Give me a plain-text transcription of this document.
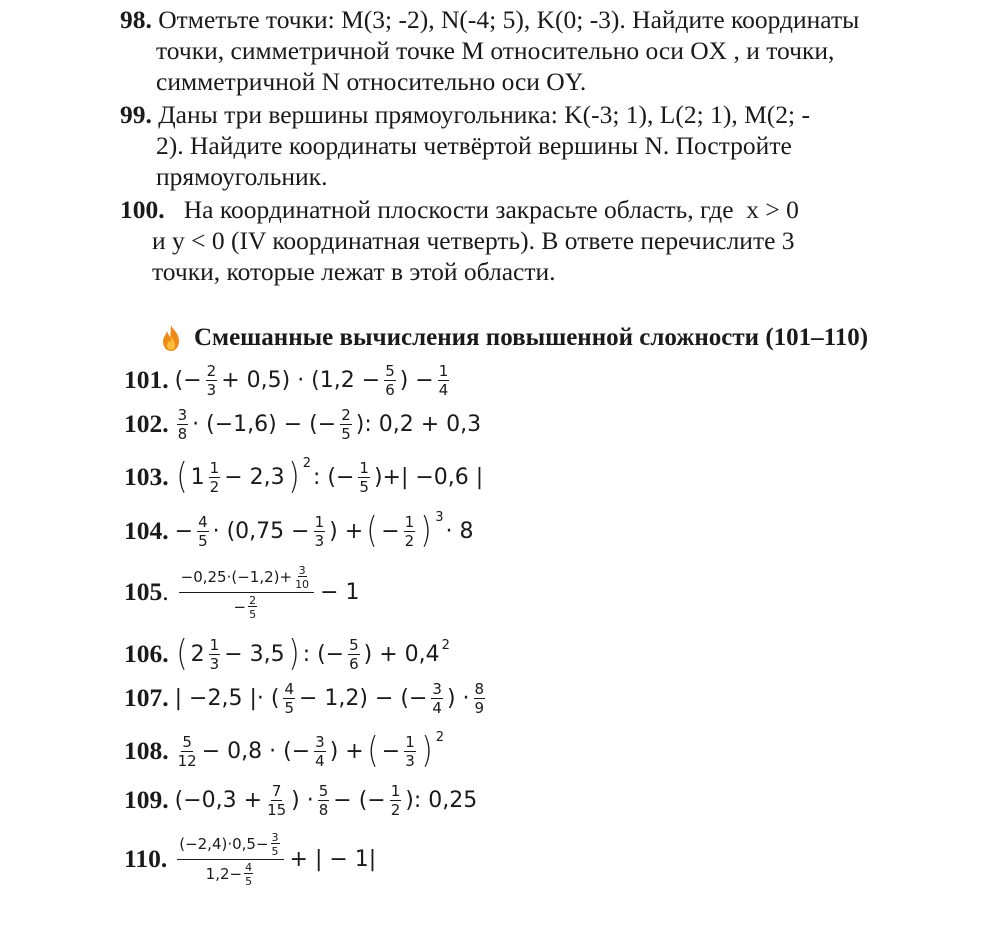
98. Отметьте точки: M(3; -2), N(-4; 5), K(0; -3). Найдите координаты
точки, симметричной точке M относительно оси OX , и точки,
симметричной N относительно оси OY.
99. Даны три вершины прямоугольника: K(-3; 1), L(2; 1), M(2; -
2). Найдите координаты четвёртой вершины N. Постройте
прямоугольник.
100.   На координатной плоскости закрасьте область, где  x > 0
и y < 0 (IV координатная четверть). В ответе перечислите 3
точки, которые лежат в этой области.
Смешанные вычисления повышенной сложности (101–110)
101. (− $\frac{2}{3} + 0,5) \cdot (1,2 - \frac{5}{6}$ ) − $\frac{1}{4}$
102. $\frac{3}{8} \cdot (-1,6)$ − (− $\frac{2}{5}$ ): 0,2 + 0,3
103. ( $1 \frac{1}{2} - 2,3$ ) $^2$
: (− $\frac{1}{5}$ )+| −0,6 |
104. − $\frac{4}{5} \cdot (0,75 - \frac{1}{3}$ ) + ( − $\frac{1}{2}$ ) $^3$
· 8
105. $\frac{-0,25\cdot(-1,2)+ \frac{3}{10}}{- \frac{2}{5}} - 1$
106. ( $2 \frac{1}{3} - 3,5$ ) : (− $\frac{5}{6}$ ) + $0,4^2$
107. | −2,5 |· ( $\frac{4}{5} - 1,2$) − (− $\frac{3}{4}$ ) · $\frac{8}{9}$
108. $\frac{5}{12} - 0,8$ · (− $\frac{3}{4}$ ) + ( − $\frac{1}{3}$ ) $^2$
109. ($-0,3 + \frac{7}{15}$ ) · $\frac{5}{8}$ − (− $\frac{1}{2}$ ): 0,25
110. $\frac{(-2,4)\cdot 0,5- \frac{3}{5}}{1,2- \frac{4}{5}}$ + | − 1|
